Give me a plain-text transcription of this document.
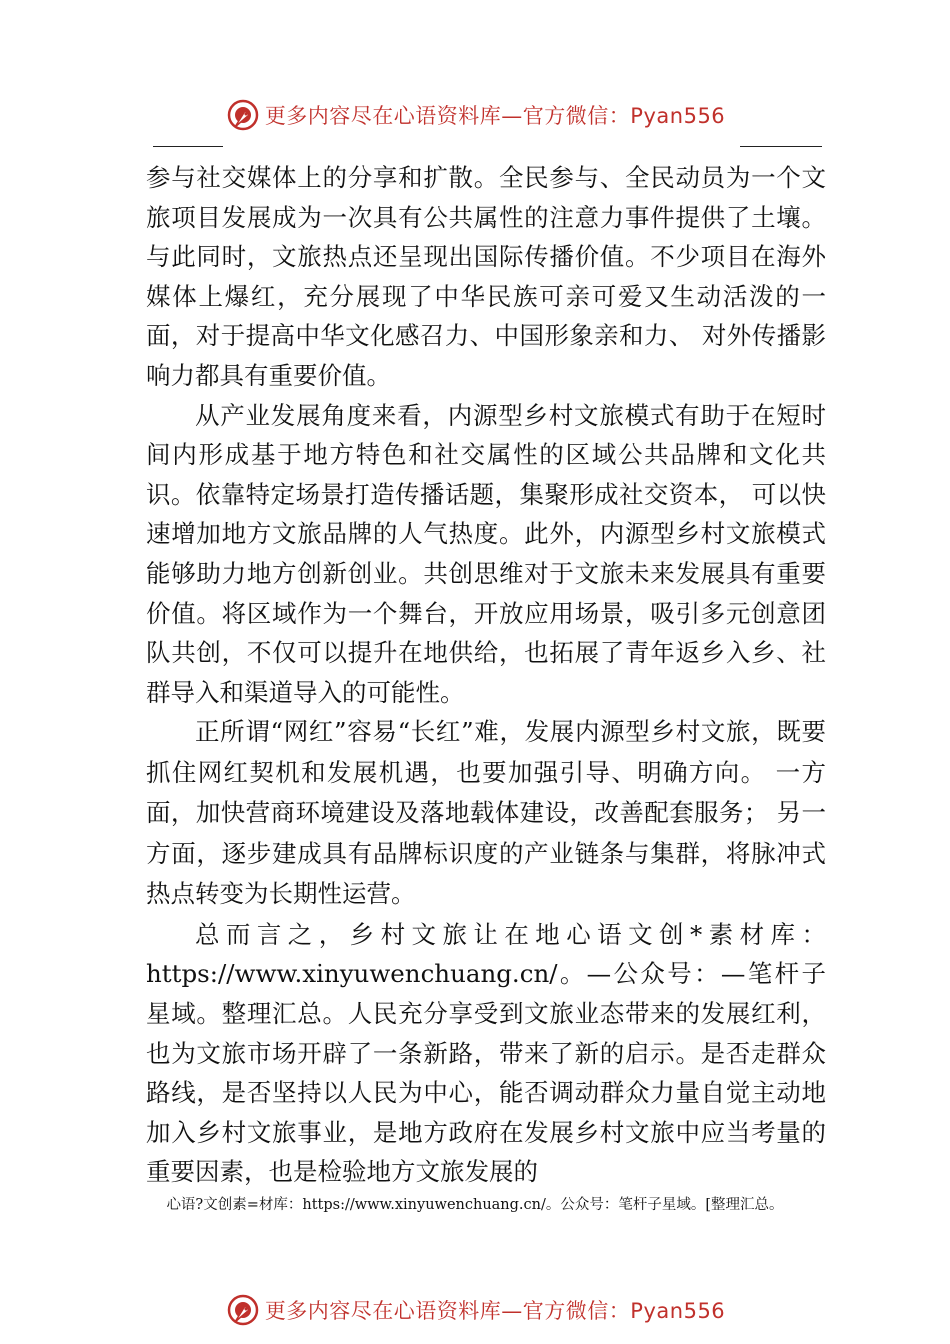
更多内容尽在心语资料库—官方微信：Pyan556

参与社交媒体上的分享和扩散。全民参与、全民动员为一个文旅项目发展成为一次具有公共属性的注意力事件提供了土壤。与此同时，文旅热点还呈现出国际传播价值。不少项目在海外媒体上爆红，充分展现了中华民族可亲可爱又生动活泼的一面，对于提高中华文化感召力、中国形象亲和力、 对外传播影响力都具有重要价值。

从产业发展角度来看，内源型乡村文旅模式有助于在短时间内形成基于地方特色和社交属性的区域公共品牌和文化共识。依靠特定场景打造传播话题，集聚形成社交资本， 可以快速增加地方文旅品牌的人气热度。此外，内源型乡村文旅模式能够助力地方创新创业。共创思维对于文旅未来发展具有重要价值。将区域作为一个舞台，开放应用场景，吸引多元创意团队共创，不仅可以提升在地供给，也拓展了青年返乡入乡、社群导入和渠道导入的可能性。

正所谓“网红”容易“长红”难，发展内源型乡村文旅，既要抓住网红契机和发展机遇，也要加强引导、明确方向。 一方面，加快营商环境建设及落地载体建设，改善配套服务； 另一方面，逐步建成具有品牌标识度的产业链条与集群，将脉冲式热点转变为长期性运营。

总而言之，乡村文旅让在地心语文创*素材库：https://www.xinyuwenchuang.cn/。—公众号：—笔杆子星域。整理汇总。人民充分享受到文旅业态带来的发展红利，也为文旅市场开辟了一条新路，带来了新的启示。是否走群众路线，是否坚持以人民为中心，能否调动群众力量自觉主动地加入乡村文旅事业，是地方政府在发展乡村文旅中应当考量的重要因素，也是检验地方文旅发展的

心语?文创素=材库：https://www.xinyuwenchuang.cn/。公众号：笔杆子星域。[整理汇总。
更多内容尽在心语资料库—官方微信：Pyan556
